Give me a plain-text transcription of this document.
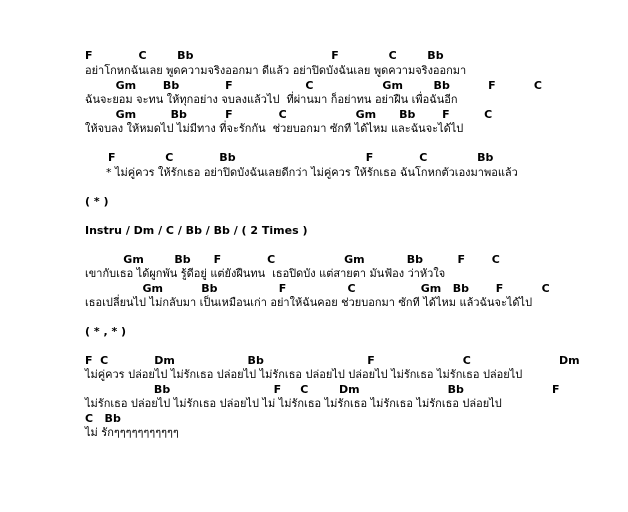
F            C        Bb                                    F             C        Bb
อย่าโกหกฉันเลย พูดความจริงออกมา ดีแล้ว อย่าปิดบังฉันเลย พูดความจริงออกมา
Gm       Bb            F                   C                  Gm        Bb          F          C
ฉันจะยอม จะทน ให้ทุกอย่าง จบลงแล้วไป  ที่ผ่านมา ก็อย่าทน อย่าฝืน เพื่อฉันอีก
Gm         Bb          F            C                  Gm      Bb       F         C
ให้จบลง ให้หมดไป ไม่มีทาง ที่จะรักกัน  ช่วยบอกมา ซักที ได้ไหม และฉันจะได้ไป
F             C            Bb                                  F            C             Bb
* ไม่คู่ควร ให้รักเธอ อย่าปิดบังฉันเลยดีกว่า ไม่คู่ควร ให้รักเธอ ฉันโกหกตัวเองมาพอแล้ว
( * )
Instru / Dm / C / Bb / Bb / ( 2 Times )
Gm        Bb      F            C                  Gm           Bb         F       C
เขากับเธอ ได้ผูกพัน รู้ดีอยู่ แต่ยังฝืนทน  เธอปิดบัง แต่สายตา มันฟ้อง ว่าหัวใจ
Gm          Bb                F                C                 Gm   Bb       F          C
เธอเปลี่ยนไป ไม่กลับมา เป็นเหมือนเก่า อย่าให้ฉันคอย ช่วยบอกมา ซักที ได้ไหม แล้วฉันจะได้ไป
( * , * )
F  C            Dm                   Bb                           F                       C                       Dm
ไม่คู่ควร ปล่อยไป ไม่รักเธอ ปล่อยไป ไม่รักเธอ ปล่อยไป ปล่อยไป ไม่รักเธอ ไม่รักเธอ ปล่อยไป
Bb                           F     C        Dm                       Bb                       F
ไม่รักเธอ ปล่อยไป ไม่รักเธอ ปล่อยไป ไม่ ไม่รักเธอ ไม่รักเธอ ไม่รักเธอ ไม่รักเธอ ปล่อยไป
C   Bb
ไม่ รักๆๆๆๆๆๆๆๆๆๆๆ
